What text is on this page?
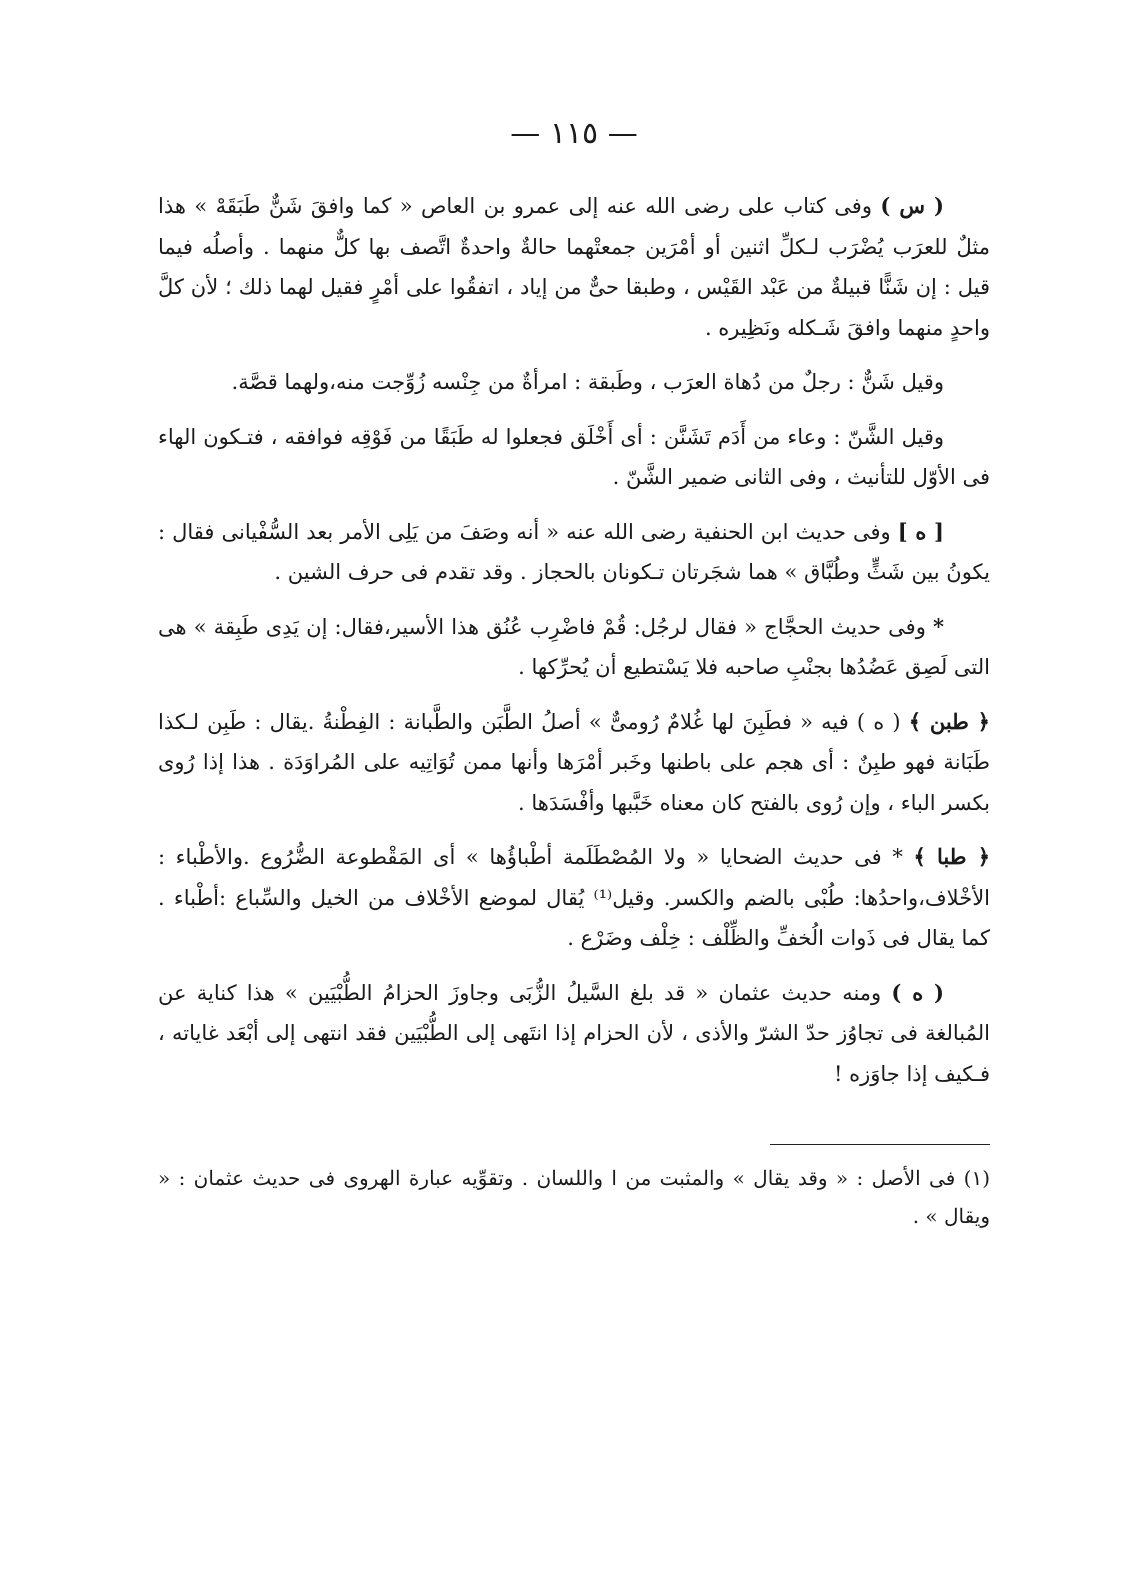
— ١١٥ —

( س ) وفى كتاب على رضى الله عنه إلى عمرو بن العاص « كما وافقَ شَنٌّ طَبَقَهْ » هذا مثلٌ للعرَب يُضْرَب لـكلِّ اثنين أو أمْرَين جمعتْهما حالةٌ واحدةٌ اتَّصف بها كلٌّ منهما . وأصلُه فيما قيل : إن شَنًّا قبيلةٌ من عَبْد القَيْس ، وطبقا حىٌّ من إياد ، اتفقُوا على أمْرٍ فقيل لهما ذلك ؛ لأن كلَّ واحدٍ منهما وافقَ شَـكله ونَظِيره .

وقيل شَنٌّ : رجلٌ من دُهاة العرَب ، وطَبقة : امرأةٌ من جِنْسه زُوِّجت منه،ولهما قصَّة.

وقيل الشَّنّ : وعاء من أَدَم تَشَنَّن : أى أَخْلَق فجعلوا له طَبَقًا من فَوْقِه فوافقه ، فتـكون الهاء فى الأوّل للتأنيث ، وفى الثانى ضمير الشَّنّ .

[ ه ] وفى حديث ابن الحنفية رضى الله عنه « أنه وصَفَ من يَلِى الأمر بعد السُّفْيانى فقال : يكونُ بين شَثٍّ وطُبَّاق » هما شجَرتان تـكونان بالحجاز . وقد تقدم فى حرف الشين .

* وفى حديث الحجَّاج « فقال لرجُل: قُمْ فاضْرِب عُنُق هذا الأسير،فقال: إن يَدِى طَبِقة » هى التى لَصِق عَضُدُها بجنْبِ صاحبه فلا يَسْتطيع أن يُحرِّكها .

﴿ طبن ﴾ ( ه ) فيه « فطَبِنَ لها غُلامٌ رُومىٌّ » أصلُ الطَّبَن والطَّبانة : الفِطْنةُ .يقال : طَبِن لـكذا طَبَانة فهو طبِنٌ : أى هجم على باطنها وخَبر أمْرَها وأنها ممن تُوَاتِيه على المُراوَدَة . هذا إذا رُوى بكسر الباء ، وإن رُوى بالفتح كان معناه خَبَّبها وأفْسَدَها .

﴿ طبا ﴾ * فى حديث الضحايا « ولا المُصْطَلَمة أطْباؤُها » أى المَقْطوعة الضُّرُوع .والأطْباء : الأخْلاف،واحدُها: طُبْى بالضم والكسر. وقيل⁽¹⁾ يُقال لموضع الأخْلاف من الخيل والسِّباع :أطْباء . كما يقال فى ذَوات الُخفِّ والظِّلْف : خِلْف وضَرْع .

( ه ) ومنه حديث عثمان « قد بلغ السَّيلُ الزُّبَى وجاوزَ الحزامُ الطُّبْيَين » هذا كناية عن المُبالغة فى تجاوُز حدّ الشرّ والأذى ، لأن الحزام إذا انتَهى إلى الطُّبْيَين فقد انتهى إلى أبْعَد غاياته ، فـكيف إذا جاوَزه !

(١) فى الأصل : « وقد يقال » والمثبت من ا واللسان . وتقوِّيه عبارة الهروى فى حديث عثمان : « ويقال » .
